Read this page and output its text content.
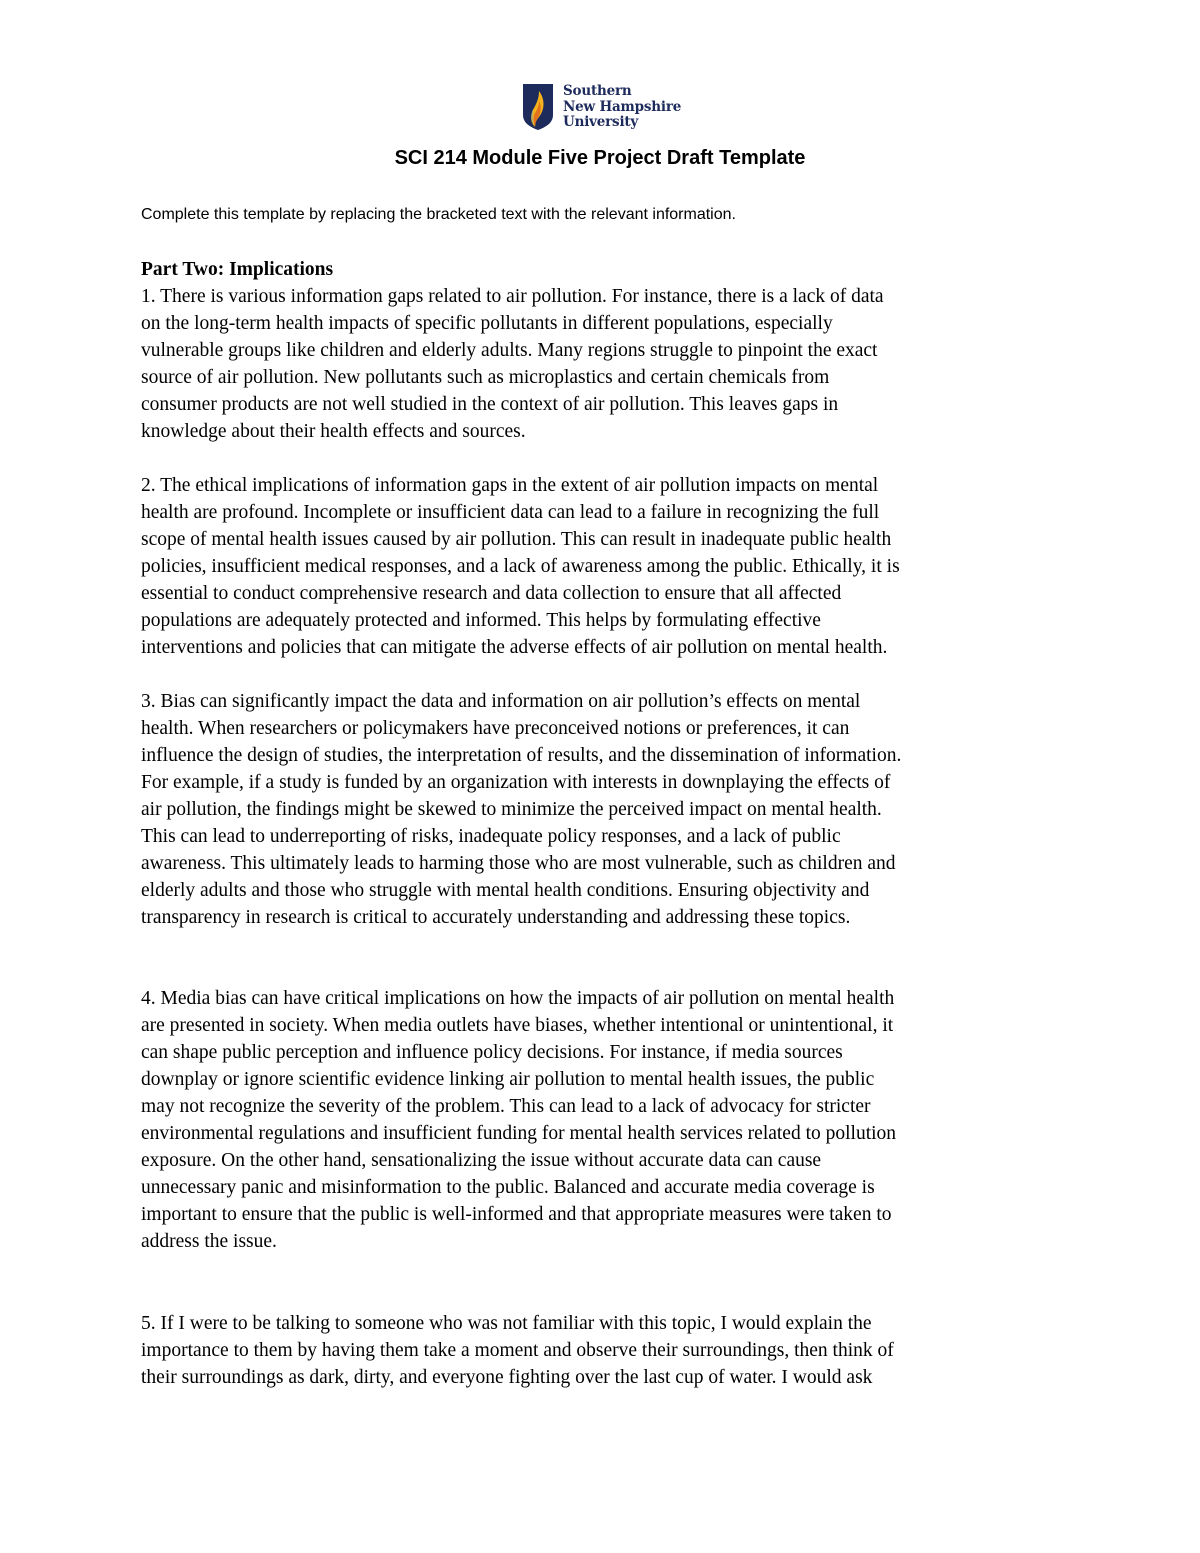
Southern
New Hampshire
University
SCI 214 Module Five Project Draft Template
Complete this template by replacing the bracketed text with the relevant information.
Part Two: Implications
1. There is various information gaps related to air pollution. For instance, there is a lack of data
on the long-term health impacts of specific pollutants in different populations, especially
vulnerable groups like children and elderly adults. Many regions struggle to pinpoint the exact
source of air pollution. New pollutants such as microplastics and certain chemicals from
consumer products are not well studied in the context of air pollution. This leaves gaps in
knowledge about their health effects and sources.
2. The ethical implications of information gaps in the extent of air pollution impacts on mental
health are profound. Incomplete or insufficient data can lead to a failure in recognizing the full
scope of mental health issues caused by air pollution. This can result in inadequate public health
policies, insufficient medical responses, and a lack of awareness among the public. Ethically, it is
essential to conduct comprehensive research and data collection to ensure that all affected
populations are adequately protected and informed. This helps by formulating effective
interventions and policies that can mitigate the adverse effects of air pollution on mental health.
3. Bias can significantly impact the data and information on air pollution’s effects on mental
health. When researchers or policymakers have preconceived notions or preferences, it can
influence the design of studies, the interpretation of results, and the dissemination of information.
For example, if a study is funded by an organization with interests in downplaying the effects of
air pollution, the findings might be skewed to minimize the perceived impact on mental health.
This can lead to underreporting of risks, inadequate policy responses, and a lack of public
awareness. This ultimately leads to harming those who are most vulnerable, such as children and
elderly adults and those who struggle with mental health conditions. Ensuring objectivity and
transparency in research is critical to accurately understanding and addressing these topics.
4. Media bias can have critical implications on how the impacts of air pollution on mental health
are presented in society. When media outlets have biases, whether intentional or unintentional, it
can shape public perception and influence policy decisions. For instance, if media sources
downplay or ignore scientific evidence linking air pollution to mental health issues, the public
may not recognize the severity of the problem. This can lead to a lack of advocacy for stricter
environmental regulations and insufficient funding for mental health services related to pollution
exposure. On the other hand, sensationalizing the issue without accurate data can cause
unnecessary panic and misinformation to the public. Balanced and accurate media coverage is
important to ensure that the public is well-informed and that appropriate measures were taken to
address the issue.
5. If I were to be talking to someone who was not familiar with this topic, I would explain the
importance to them by having them take a moment and observe their surroundings, then think of
their surroundings as dark, dirty, and everyone fighting over the last cup of water. I would ask
